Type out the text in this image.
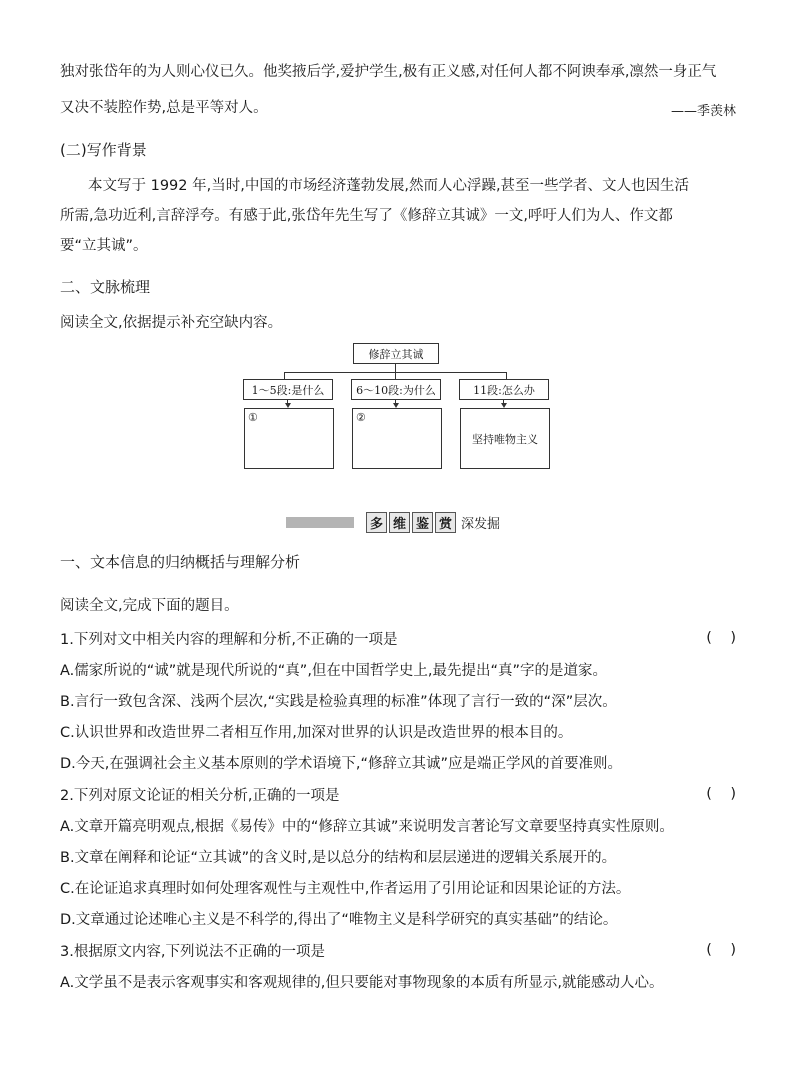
独对张岱年的为人则心仪已久。他奖掖后学,爱护学生,极有正义感,对任何人都不阿谀奉承,凛然一身正气
又决不装腔作势,总是平等对人。	——季羡林
(二)写作背景
本文写于 1992 年,当时,中国的市场经济蓬勃发展,然而人心浮躁,甚至一些学者、文人也因生活
所需,急功近利,言辞浮夸。有感于此,张岱年先生写了《修辞立其诚》一文,呼吁人们为人、作文都
要“立其诚”。
二、文脉梳理
阅读全文,依据提示补充空缺内容。
修辞立其诚
1～5段:是什么	6～10段:为什么	11段:怎么办
①	②
坚持唯物主义
多 维 鉴 赏 深发掘
一、文本信息的归纳概括与理解分析
阅读全文,完成下面的题目。
1.下列对文中相关内容的理解和分析,不正确的一项是	(    )
A.儒家所说的“诚”就是现代所说的“真”,但在中国哲学史上,最先提出“真”字的是道家。
B.言行一致包含深、浅两个层次,“实践是检验真理的标准”体现了言行一致的“深”层次。
C.认识世界和改造世界二者相互作用,加深对世界的认识是改造世界的根本目的。
D.今天,在强调社会主义基本原则的学术语境下,“修辞立其诚”应是端正学风的首要准则。
2.下列对原文论证的相关分析,正确的一项是	(    )
A.文章开篇亮明观点,根据《易传》中的“修辞立其诚”来说明发言著论写文章要坚持真实性原则。
B.文章在阐释和论证“立其诚”的含义时,是以总分的结构和层层递进的逻辑关系展开的。
C.在论证追求真理时如何处理客观性与主观性中,作者运用了引用论证和因果论证的方法。
D.文章通过论述唯心主义是不科学的,得出了“唯物主义是科学研究的真实基础”的结论。
3.根据原文内容,下列说法不正确的一项是	(    )
A.文学虽不是表示客观事实和客观规律的,但只要能对事物现象的本质有所显示,就能感动人心。
